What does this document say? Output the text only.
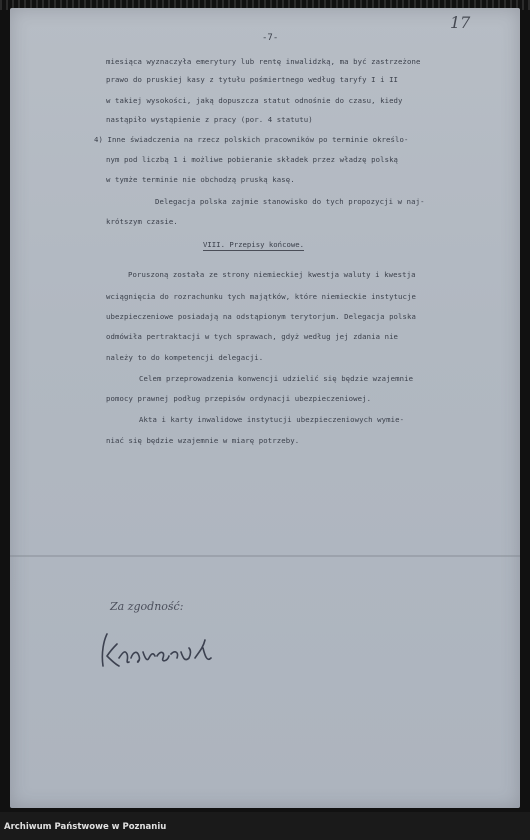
-7-
17
miesiąca wyznaczyła emerytury lub rentę inwalidzką, ma być zastrzeżone
prawo do pruskiej kasy z tytułu pośmiertnego według taryfy I i II
w takiej wysokości, jaką dopuszcza statut odnośnie do czasu, kiedy
nastąpiło wystąpienie z pracy (por. 4 statutu)
4) Inne świadczenia na rzecz polskich pracowników po terminie określo-
nym pod liczbą 1 i możliwe pobieranie składek przez władzę polską
w tymże terminie nie obchodzą pruską kasę.
Delegacja polska zajmie stanowisko do tych propozycji w naj-
krótszym czasie.
Poruszoną została ze strony niemieckiej kwestja waluty i kwestja
wciągnięcia do rozrachunku tych majątków, które niemieckie instytucje
ubezpieczeniowe posiadają na odstąpionym terytorjum. Delegacja polska
odmówiła pertraktacji w tych sprawach, gdyż według jej zdania nie
należy to do kompetencji delegacji.
Celem przeprowadzenia konwencji udzielić się będzie wzajemnie
pomocy prawnej podług przepisów ordynacji ubezpieczeniowej.
Akta i karty inwalidowe instytucji ubezpieczeniowych wymie-
niać się będzie wzajemnie w miarę potrzeby.
VIII. Przepisy końcowe.
Za zgodność:
Archiwum Państwowe w Poznaniu
